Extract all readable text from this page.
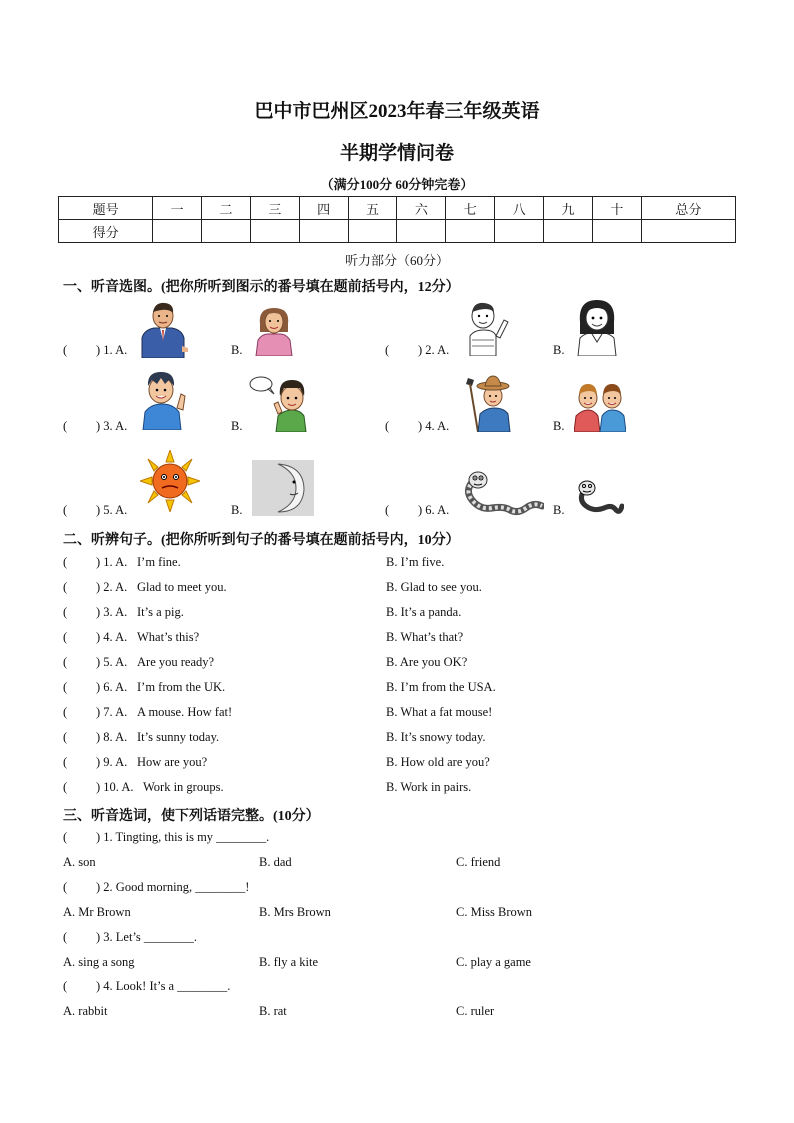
巴中市巴州区2023年春三年级英语
半期学情问卷
（满分100分 60分钟完卷）
题号	一	二	三	四	五	六	七	八	九	十	总分
得分											
听力部分（60分）
一、听音选图。(把你所听到图示的番号填在题前括号内，12分）
( ) 1. A.	B.	( ) 2. A.	B.
( ) 3. A.	B.	( ) 4. A.	B.
( ) 5. A.	B.	( ) 6. A.	B.
二、听辨句子。(把你所听到句子的番号填在题前括号内，10分）
( ) 1. A. I’m fine.	B. I’m five.
( ) 2. A. Glad to meet you.	B. Glad to see you.
( ) 3. A. It’s a pig.	B. It’s a panda.
( ) 4. A. What’s this?	B. What’s that?
( ) 5. A. Are you ready?	B. Are you OK?
( ) 6. A. I’m from the UK.	B. I’m from the USA.
( ) 7. A. A mouse. How fat!	B. What a fat mouse!
( ) 8. A. It’s sunny today.	B. It’s snowy today.
( ) 9. A. How are you?	B. How old are you?
( ) 10. A. Work in groups.	B. Work in pairs.
三、听音选词，使下列话语完整。(10分）
( ) 1. Tingting, this is my ________.
A. son	B. dad	C. friend
( ) 2. Good morning, ________!
A. Mr Brown	B. Mrs Brown	C. Miss Brown
( ) 3. Let’s ________.
A. sing a song	B. fly a kite	C. play a game
( ) 4. Look! It’s a ________.
A. rabbit	B. rat	C. ruler
